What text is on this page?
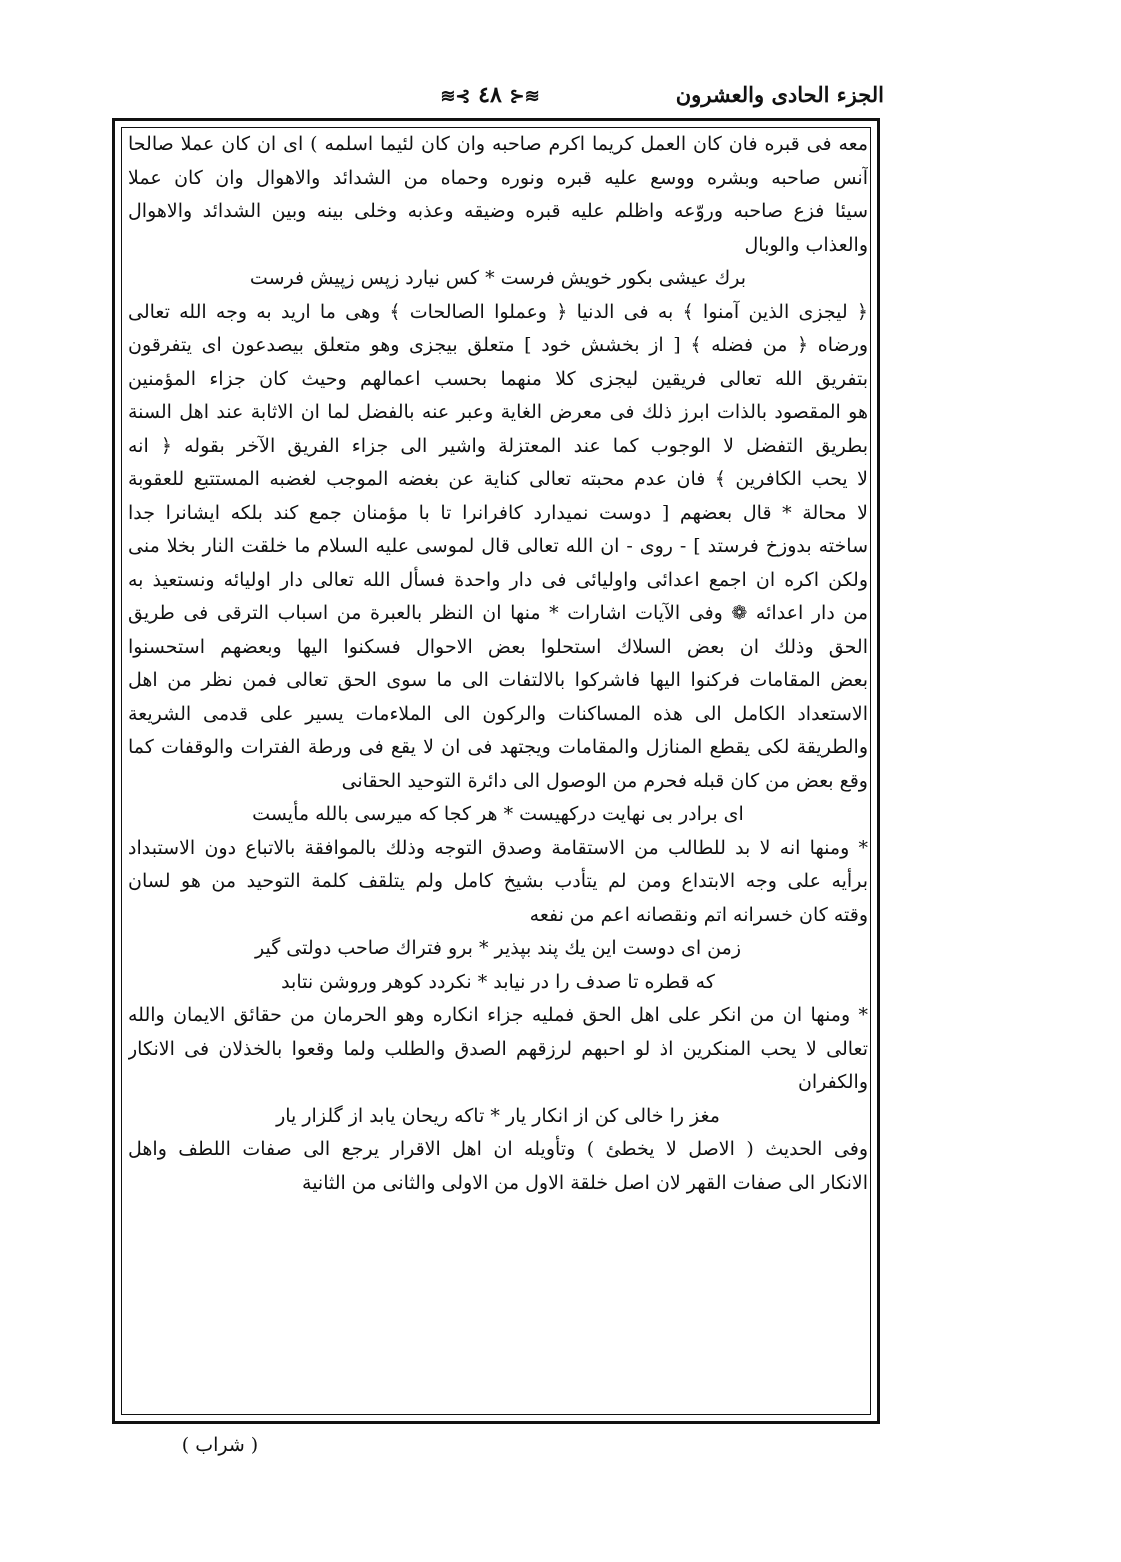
الجزء الحادى والعشرون
≋⊰ ٤٨ ⊱≋
معه فى قبره فان كان العمل كريما اكرم صاحبه وان كان لئيما اسلمه ) اى ان كان عملا صالحا
آنس صاحبه وبشره ووسع عليه قبره ونوره وحماه من الشدائد والاهوال وان كان عملا
سيئا فزع صاحبه وروّعه واظلم عليه قبره وضيقه وعذبه وخلى بينه وبين الشدائد والاهوال
والعذاب والوبال
برك عيشى بكور خويش فرست * كس نيارد زپس زپيش فرست
﴿ ليجزى الذين آمنوا ﴾ به فى الدنيا ﴿ وعملوا الصالحات ﴾ وهى ما اريد به وجه الله تعالى
ورضاه ﴿ من فضله ﴾ [ از بخشش خود ] متعلق بيجزى وهو متعلق بيصدعون اى يتفرقون
بتفريق الله تعالى فريقين ليجزى كلا منهما بحسب اعمالهم وحيث كان جزاء المؤمنين
هو المقصود بالذات ابرز ذلك فى معرض الغاية وعبر عنه بالفضل لما ان الاثابة عند اهل السنة
بطريق التفضل لا الوجوب كما عند المعتزلة واشير الى جزاء الفريق الآخر بقوله ﴿ انه
لا يحب الكافرين ﴾ فان عدم محبته تعالى كناية عن بغضه الموجب لغضبه المستتبع للعقوبة
لا محالة * قال بعضهم [ دوست نميدارد كافرانرا تا با مؤمنان جمع كند بلكه ايشانرا جدا
ساخته بدوزخ فرستد ] - روى - ان الله تعالى قال لموسى عليه السلام ما خلقت النار بخلا منى
ولكن اكره ان اجمع اعدائى واوليائى فى دار واحدة فسأل الله تعالى دار اوليائه ونستعيذ به
من دار اعدائه ❁ وفى الآيات اشارات * منها ان النظر بالعبرة من اسباب الترقى فى طريق
الحق وذلك ان بعض السلاك استحلوا بعض الاحوال فسكنوا اليها وبعضهم استحسنوا
بعض المقامات فركنوا اليها فاشركوا بالالتفات الى ما سوى الحق تعالى فمن نظر من اهل
الاستعداد الكامل الى هذه المساكنات والركون الى الملاءمات يسير على قدمى الشريعة
والطريقة لكى يقطع المنازل والمقامات ويجتهد فى ان لا يقع فى ورطة الفترات والوقفات كما
وقع بعض من كان قبله فحرم من الوصول الى دائرة التوحيد الحقانى
اى برادر بى نهايت دركهيست * هر كجا كه ميرسى بالله مأيست
* ومنها انه لا بد للطالب من الاستقامة وصدق التوجه وذلك بالموافقة بالاتباع دون الاستبداد
برأيه على وجه الابتداع ومن لم يتأدب بشيخ كامل ولم يتلقف كلمة التوحيد من هو لسان
وقته كان خسرانه اتم ونقصانه اعم من نفعه
زمن اى دوست اين يك پند بپذير * برو فتراك صاحب دولتى گير
كه قطره تا صدف را در نيابد * نكردد كوهر وروشن نتابد
* ومنها ان من انكر على اهل الحق فمليه جزاء انكاره وهو الحرمان من حقائق الايمان والله
تعالى لا يحب المنكرين اذ لو احبهم لرزقهم الصدق والطلب ولما وقعوا بالخذلان فى الانكار
والكفران
مغز را خالى كن از انكار يار * تاكه ريحان يابد از گلزار يار
وفى الحديث ( الاصل لا يخطئ ) وتأويله ان اهل الاقرار يرجع الى صفات اللطف واهل
الانكار الى صفات القهر لان اصل خلقة الاول من الاولى والثانى من الثانية
( شراب )
